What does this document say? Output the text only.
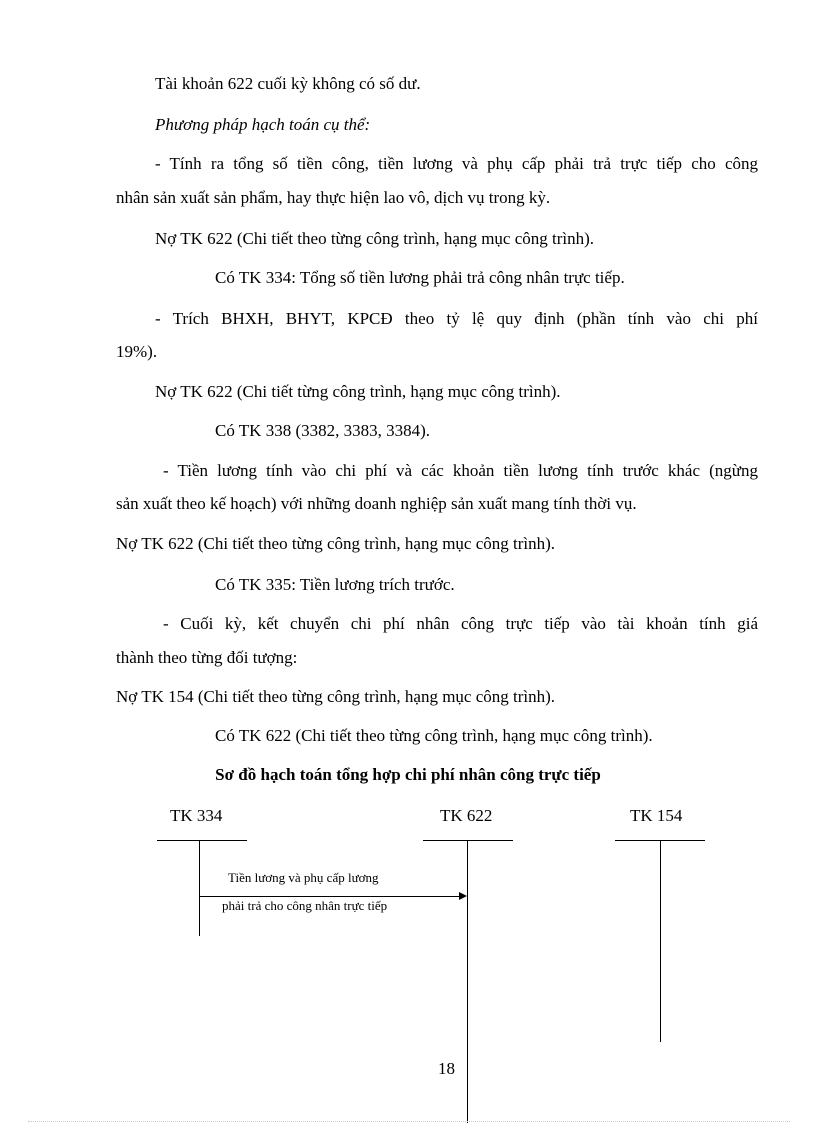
Tài khoản 622 cuối kỳ không có số dư.
Phương pháp hạch toán cụ thể:
- Tính ra tổng số tiền công, tiền lương và phụ cấp phải trả trực tiếp cho công
nhân sản xuất sản phẩm, hay thực hiện lao vô, dịch vụ trong kỳ.
Nợ TK 622 (Chi tiết theo từng công trình, hạng mục công trình).
Có TK 334: Tổng số tiền lương phải trả công nhân trực tiếp.
- Trích BHXH, BHYT, KPCĐ theo tỷ lệ quy định (phần tính vào chi phí
19%).
Nợ TK 622 (Chi tiết từng công trình, hạng mục công trình).
Có TK 338 (3382, 3383, 3384).
- Tiền lương tính vào chi phí và các khoản tiền lương tính trước khác (ngừng
sản xuất theo kế hoạch) với những doanh nghiệp sản xuất mang tính thời vụ.
Nợ TK 622 (Chi tiết theo từng công trình, hạng mục công trình).
Có TK 335: Tiền lương trích trước.
- Cuối kỳ, kết chuyển chi phí nhân công trực tiếp vào tài khoản tính giá
thành theo từng đối tượng:
Nợ TK 154 (Chi tiết theo từng công trình, hạng mục công trình).
Có TK 622 (Chi tiết theo từng công trình, hạng mục công trình).
Sơ đồ hạch toán tổng hợp chi phí nhân công trực tiếp
TK 334	TK 622	TK 154
Tiền lương và phụ cấp lương
phải trả cho công nhân trực tiếp
18
